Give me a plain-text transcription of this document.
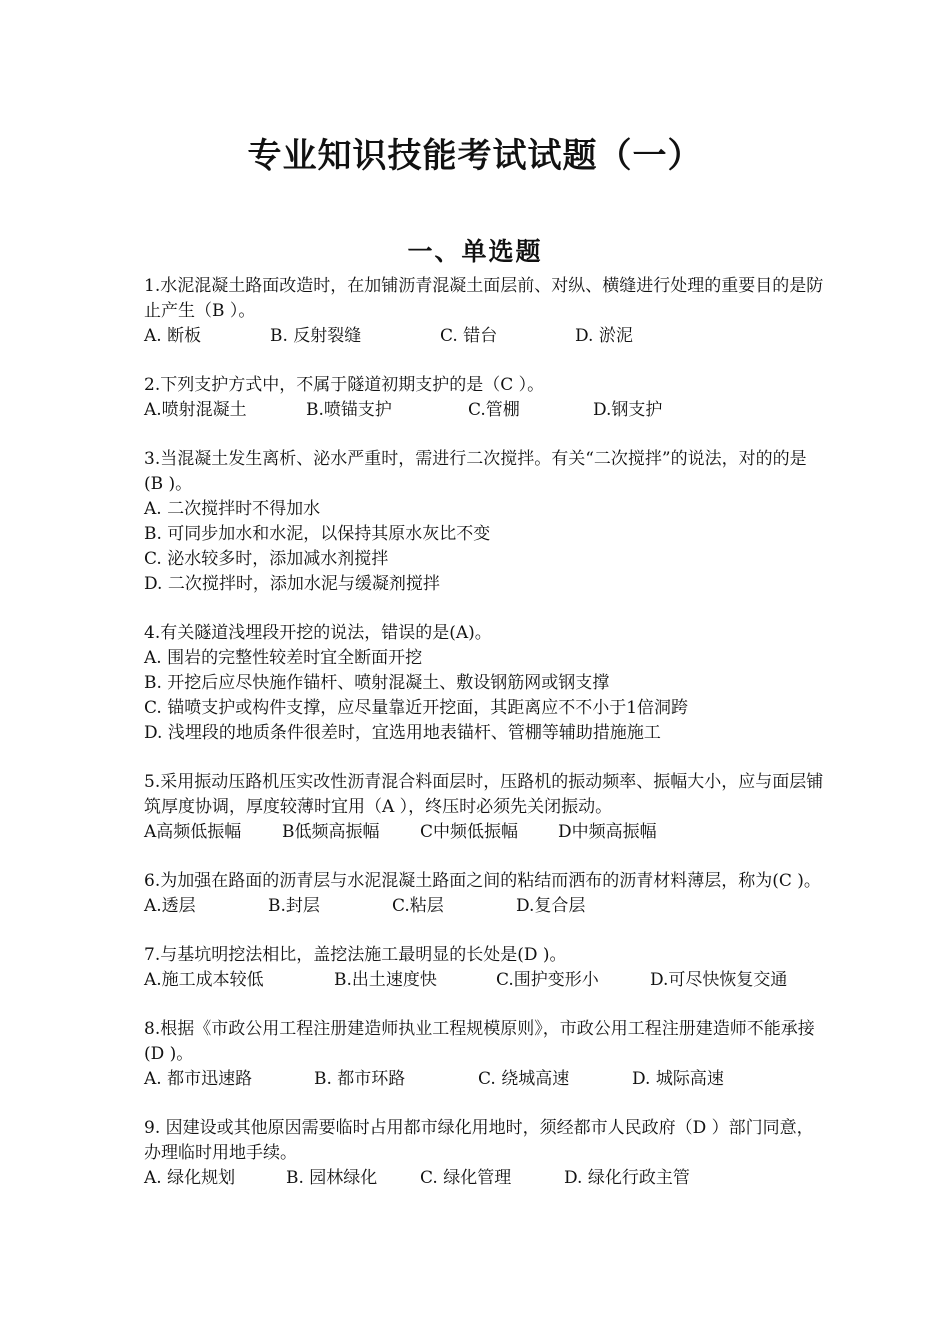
专业知识技能考试试题（一）
一、单选题
1.水泥混凝土路面改造时，在加铺沥青混凝土面层前、对纵、横缝进行处理的重要目的是防止产生（B ）。
A. 断板	B. 反射裂缝	C. 错台	D. 淤泥
2.下列支护方式中，不属于隧道初期支护的是（C ）。
A.喷射混凝土	B.喷锚支护	C.管棚	D.钢支护
3.当混凝土发生离析、泌水严重时，需进行二次搅拌。有关“二次搅拌”的说法，对的的是(B )。
A. 二次搅拌时不得加水
B. 可同步加水和水泥，以保持其原水灰比不变
C. 泌水较多时，添加减水剂搅拌
D. 二次搅拌时，添加水泥与缓凝剂搅拌
4.有关隧道浅埋段开挖的说法，错误的是(A)。
A. 围岩的完整性较差时宜全断面开挖
B. 开挖后应尽快施作锚杆、喷射混凝土、敷设钢筋网或钢支撑
C. 锚喷支护或构件支撑，应尽量靠近开挖面，其距离应不不小于1倍洞跨
D. 浅埋段的地质条件很差时，宜选用地表锚杆、管棚等辅助措施施工
5.采用振动压路机压实改性沥青混合料面层时，压路机的振动频率、振幅大小，应与面层铺筑厚度协调，厚度较薄时宜用（A ），终压时必须先关闭振动。
A高频低振幅	B低频高振幅	C中频低振幅	D中频高振幅
6.为加强在路面的沥青层与水泥混凝土路面之间的粘结而洒布的沥青材料薄层，称为(C )。
A.透层	B.封层	C.粘层	D.复合层
7.与基坑明挖法相比，盖挖法施工最明显的长处是(D )。
A.施工成本较低	B.出土速度快	C.围护变形小	D.可尽快恢复交通
8.根据《市政公用工程注册建造师执业工程规模原则》，市政公用工程注册建造师不能承接(D )。
A. 都市迅速路	B. 都市环路	C. 绕城高速	D. 城际高速
9. 因建设或其他原因需要临时占用都市绿化用地时，须经都市人民政府（D ）部门同意，办理临时用地手续。
A. 绿化规划	B. 园林绿化	C. 绿化管理	D. 绿化行政主管
